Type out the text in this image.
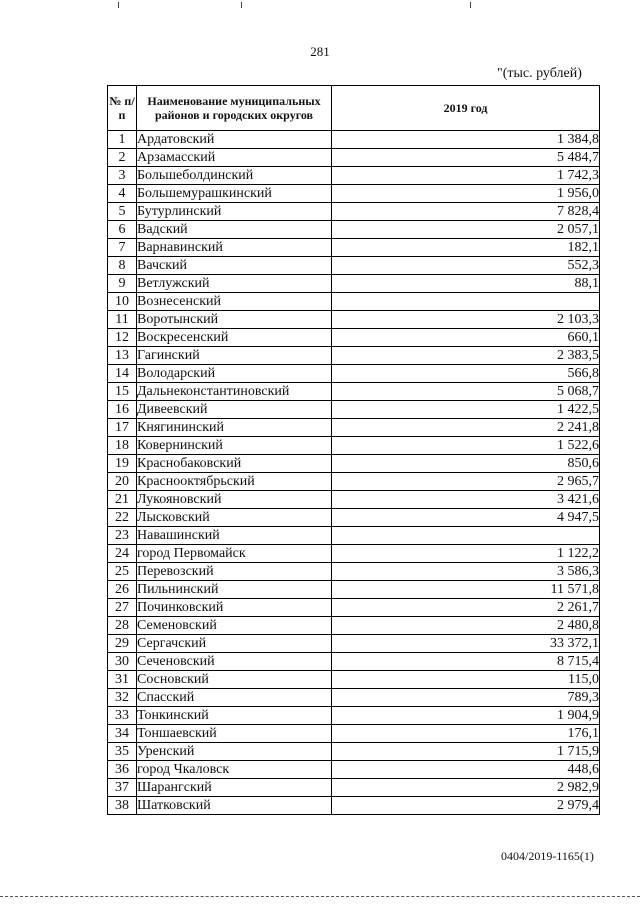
281
"(тыс. рублей)
№ п/п	Наименование муниципальных районов и городских округов	2019 год
1	Ардатовский	1 384,8
2	Арзамасский	5 484,7
3	Большеболдинский	1 742,3
4	Большемурашкинский	1 956,0
5	Бутурлинский	7 828,4
6	Вадский	2 057,1
7	Варнавинский	182,1
8	Вачский	552,3
9	Ветлужский	88,1
10	Вознесенский	
11	Воротынский	2 103,3
12	Воскресенский	660,1
13	Гагинский	2 383,5
14	Володарский	566,8
15	Дальнеконстантиновский	5 068,7
16	Дивеевский	1 422,5
17	Княгининский	2 241,8
18	Ковернинский	1 522,6
19	Краснобаковский	850,6
20	Краснооктябрьский	2 965,7
21	Лукояновский	3 421,6
22	Лысковский	4 947,5
23	Навашинский	
24	город Первомайск	1 122,2
25	Перевозский	3 586,3
26	Пильнинский	11 571,8
27	Починковский	2 261,7
28	Семеновский	2 480,8
29	Сергачский	33 372,1
30	Сеченовский	8 715,4
31	Сосновский	115,0
32	Спасский	789,3
33	Тонкинский	1 904,9
34	Тоншаевский	176,1
35	Уренский	1 715,9
36	город Чкаловск	448,6
37	Шарангский	2 982,9
38	Шатковский	2 979,4
0404/2019-1165(1)
